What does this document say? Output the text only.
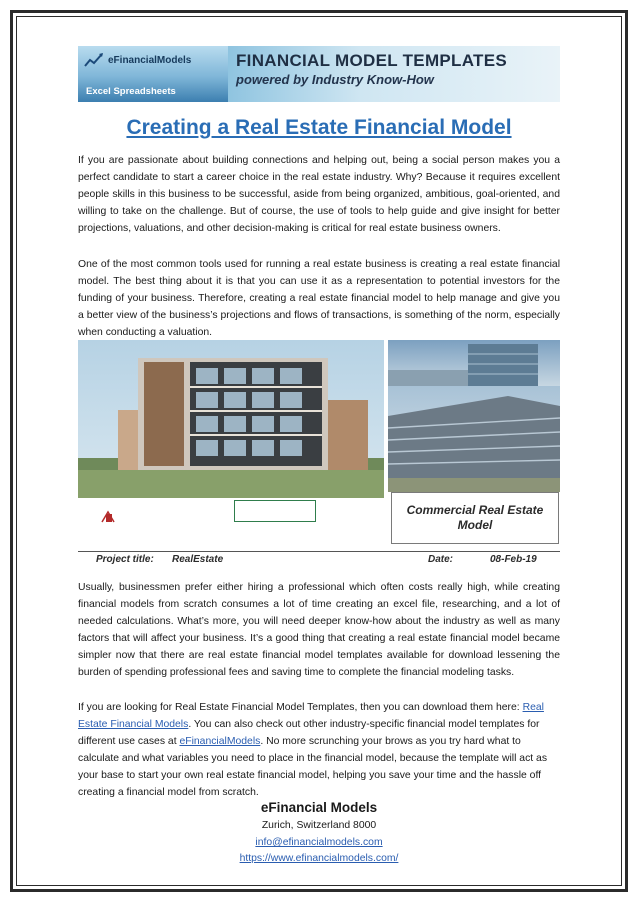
eFinancialModels
Excel Spreadsheets
FINANCIAL MODEL TEMPLATES
powered by Industry Know-How
Creating a Real Estate Financial Model

If you are passionate about building connections and helping out, being a social person makes you a perfect candidate to start a career choice in the real estate industry. Why? Because it requires excellent people skills in this business to be successful, aside from being organized, ambitious, goal-oriented, and willing to take on the challenge. But of course, the use of tools to help guide and give insight for better projections, valuations, and other decision-making is critical for real estate business owners.

One of the most common tools used for running a real estate business is creating a real estate financial model. The best thing about it is that you can use it as a representation to potential investors for the funding of your business. Therefore, creating a real estate financial model to help manage and give you a better view of the business’s projections and flows of transactions, is something of the norm, especially when conducting a valuation.

Commercial Real Estate Model
Project title: RealEstate	Date:	08-Feb-19

Usually, businessmen prefer either hiring a professional which often costs really high, while creating financial models from scratch consumes a lot of time creating an excel file, researching, and a lot of needed calculations. What’s more, you will need deeper know-how about the industry as well as many factors that will affect your business. It’s a good thing that creating a real estate financial model became simpler now that there are real estate financial model templates available for download lessening the burden of spending professional fees and saving time to complete the financial modeling tasks.

If you are looking for Real Estate Financial Model Templates, then you can download them here: Real Estate Financial Models. You can also check out other industry-specific financial model templates for different use cases at eFinancialModels. No more scrunching your brows as you try hard what to calculate and what variables you need to place in the financial model, because the template will act as your base to start your own real estate financial model, helping you save your time and the hassle off creating a financial model from scratch.

eFinancial Models
Zurich, Switzerland 8000
info@efinancialmodels.com
https://www.efinancialmodels.com/
